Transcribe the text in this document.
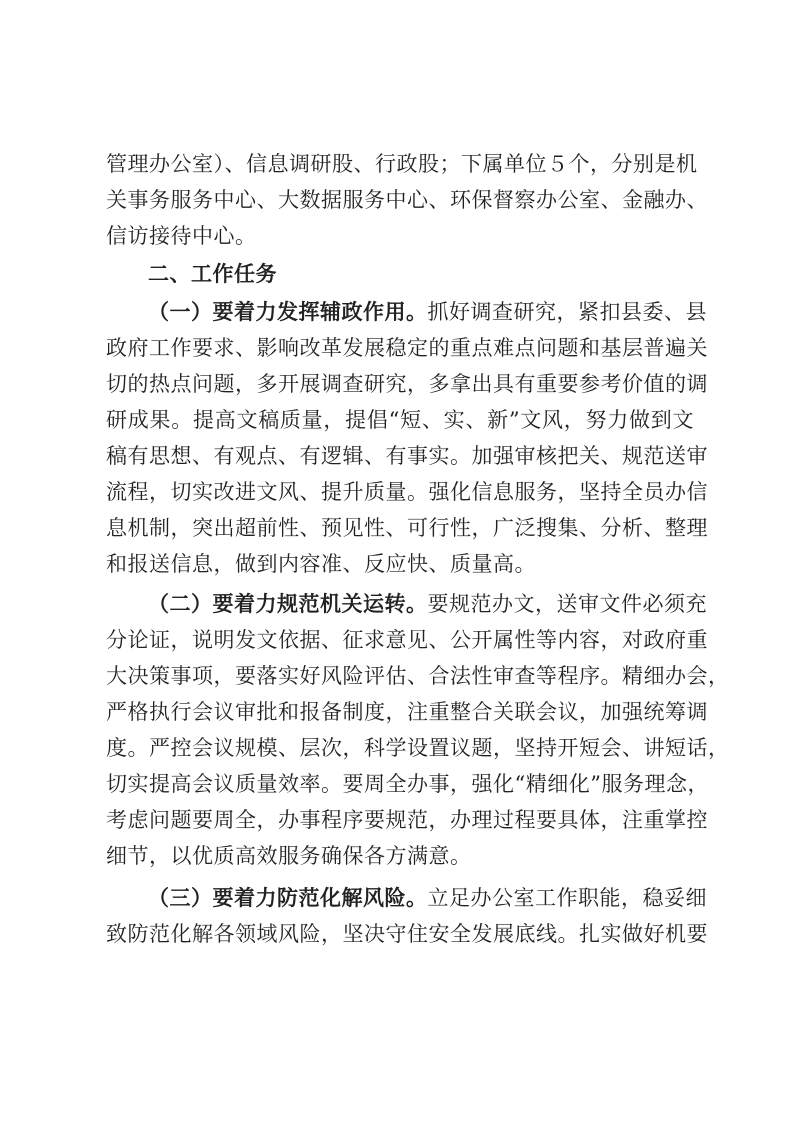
管理办公室）、信息调研股、行政股；下属单位５个，分别是机
关事务服务中心、大数据服务中心、环保督察办公室、金融办、
信访接待中心。
二、工作任务
（一）要着力发挥辅政作用。抓好调查研究，紧扣县委、县
政府工作要求、影响改革发展稳定的重点难点问题和基层普遍关
切的热点问题，多开展调查研究，多拿出具有重要参考价值的调
研成果。提高文稿质量，提倡“短、实、新”文风，努力做到文
稿有思想、有观点、有逻辑、有事实。加强审核把关、规范送审
流程，切实改进文风、提升质量。强化信息服务，坚持全员办信
息机制，突出超前性、预见性、可行性，广泛搜集、分析、整理
和报送信息，做到内容准、反应快、质量高。
（二）要着力规范机关运转。要规范办文，送审文件必须充
分论证，说明发文依据、征求意见、公开属性等内容，对政府重
大决策事项，要落实好风险评估、合法性审查等程序。精细办会，
严格执行会议审批和报备制度，注重整合关联会议，加强统筹调
度。严控会议规模、层次，科学设置议题，坚持开短会、讲短话，
切实提高会议质量效率。要周全办事，强化“精细化”服务理念，
考虑问题要周全，办事程序要规范，办理过程要具体，注重掌控
细节，以优质高效服务确保各方满意。
（三）要着力防范化解风险。立足办公室工作职能，稳妥细
致防范化解各领域风险，坚决守住安全发展底线。扎实做好机要
